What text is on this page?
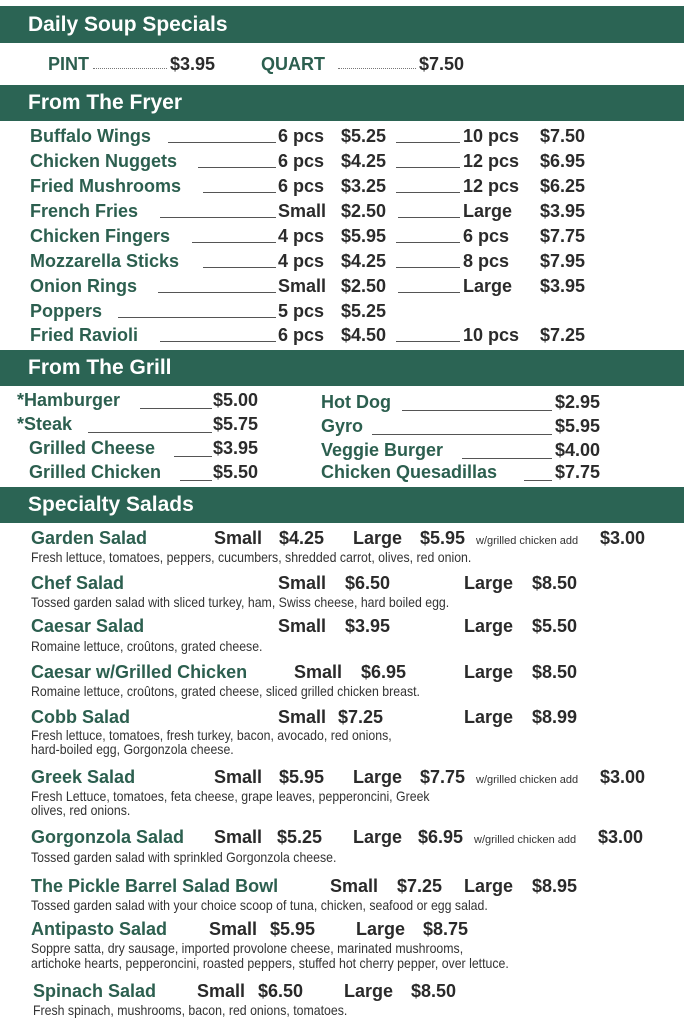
Daily Soup Specials
PINT	$3.95	QUART	$7.50
From The Fryer
Buffalo Wings	6 pcs $5.25	10 pcs $7.50
Chicken Nuggets	6 pcs $4.25	12 pcs $6.95
Fried Mushrooms	6 pcs $3.25	12 pcs $6.25
French Fries	Small $2.50	Large $3.95
Chicken Fingers	4 pcs $5.95	6 pcs $7.75
Mozzarella Sticks	4 pcs $4.25	8 pcs $7.95
Onion Rings	Small $2.50	Large $3.95
Poppers	5 pcs $5.25
Fried Ravioli	6 pcs $4.50	10 pcs $7.25
From The Grill
*Hamburger	$5.00
*Steak	$5.75
Grilled Cheese	$3.95
Grilled Chicken	$5.50
Hot Dog	$2.95
Gyro	$5.95
Veggie Burger	$4.00
Chicken Quesadillas	$7.75
Specialty Salads
Garden Salad	Small $4.25 Large $5.95 w/grilled chicken add $3.00
Fresh lettuce, tomatoes, peppers, cucumbers, shredded carrot, olives, red onion.
Chef Salad	Small $6.50	Large $8.50
Tossed garden salad with sliced turkey, ham, Swiss cheese, hard boiled egg.
Caesar Salad	Small $3.95	Large $5.50
Romaine lettuce, croûtons, grated cheese.
Caesar w/Grilled Chicken	Small $6.95	Large $8.50
Romaine lettuce, croûtons, grated cheese, sliced grilled chicken breast.
Cobb Salad	Small $7.25	Large $8.99
Fresh lettuce, tomatoes, fresh turkey, bacon, avocado, red onions,
hard-boiled egg, Gorgonzola cheese.
Greek Salad	Small $5.95 Large $7.75 w/grilled chicken add $3.00
Fresh Lettuce, tomatoes, feta cheese, grape leaves, pepperoncini, Greek
olives, red onions.
Gorgonzola Salad Small $5.25 Large $6.95 w/grilled chicken add $3.00
Tossed garden salad with sprinkled Gorgonzola cheese.
The Pickle Barrel Salad Bowl	Small $7.25 Large $8.95
Tossed garden salad with your choice scoop of tuna, chicken, seafood or egg salad.
Antipasto Salad Small $5.95 Large $8.75
Soppre satta, dry sausage, imported provolone cheese, marinated mushrooms,
artichoke hearts, pepperoncini, roasted peppers, stuffed hot cherry pepper, over lettuce.
Spinach Salad Small $6.50 Large $8.50
Fresh spinach, mushrooms, bacon, red onions, tomatoes.
